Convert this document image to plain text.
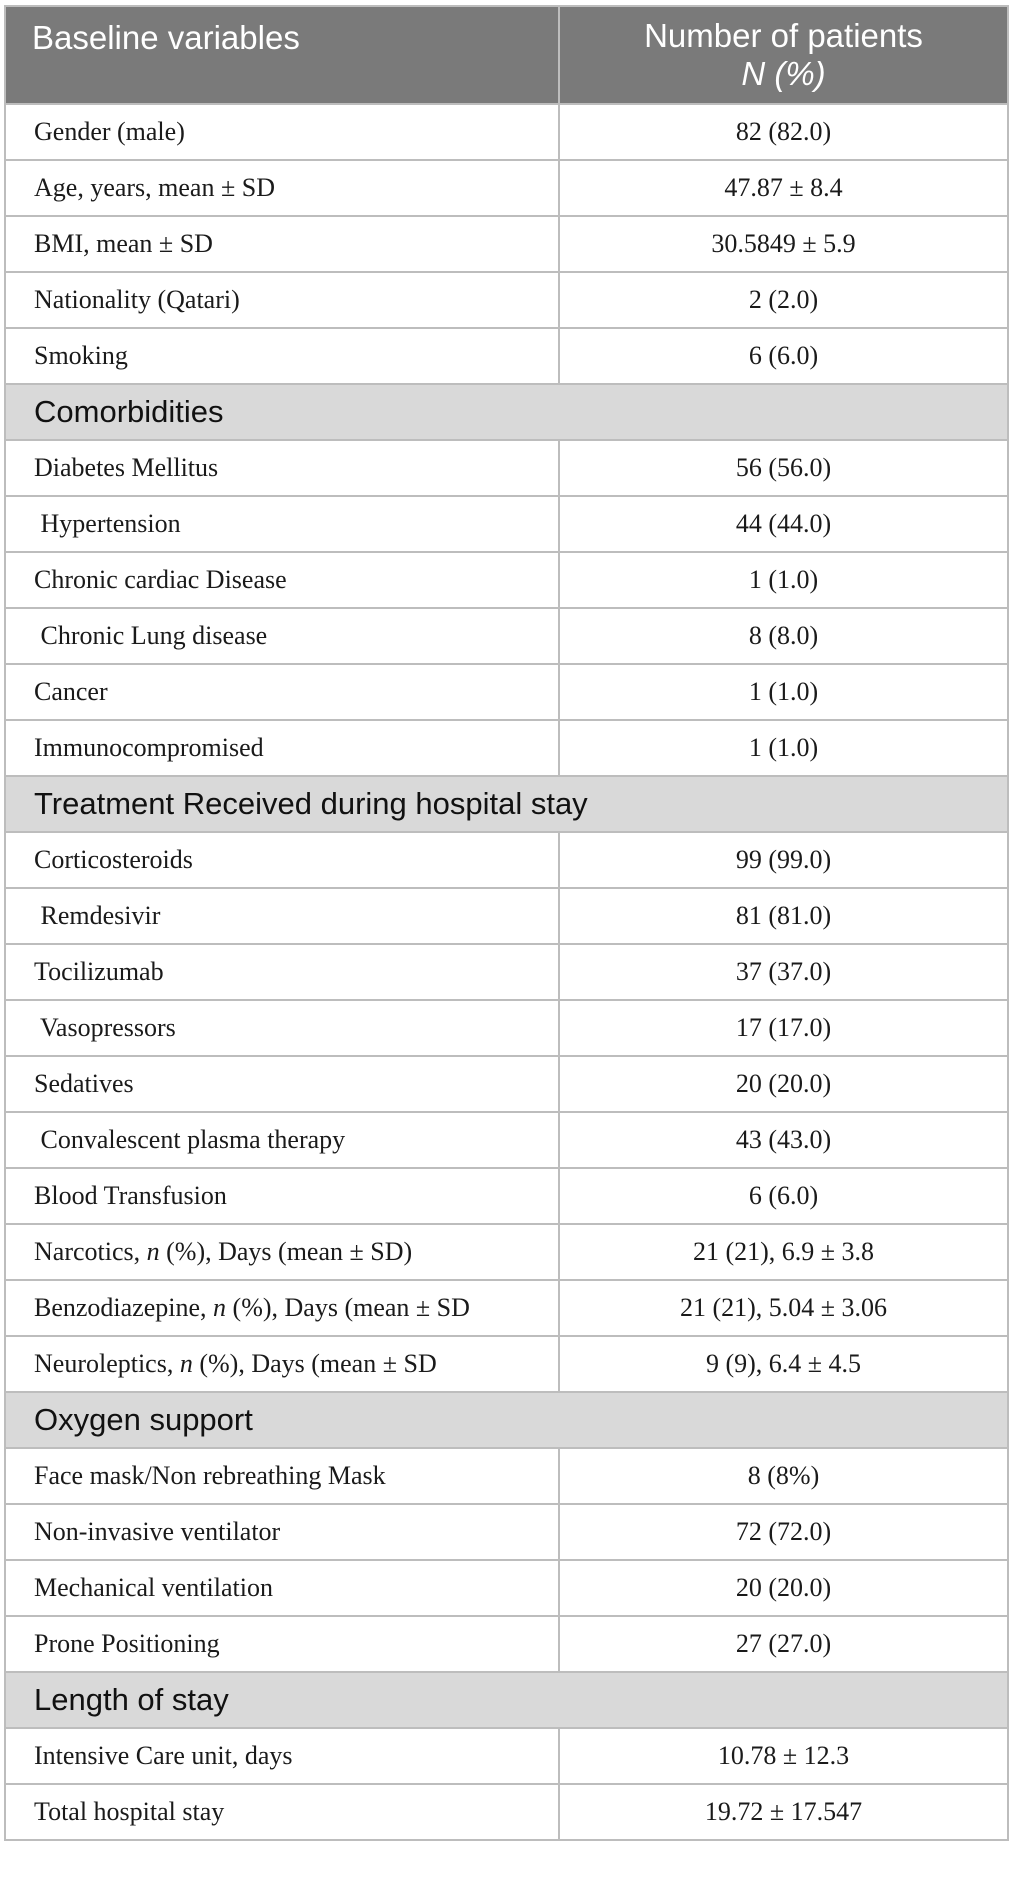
Baseline variables	Number of patients
N (%)

Gender (male)	82 (82.0)
Age, years, mean ± SD	47.87 ± 8.4
BMI, mean ± SD	30.5849 ± 5.9
Nationality (Qatari)	2 (2.0)
Smoking	6 (6.0)
Comorbidities	
Diabetes Mellitus	56 (56.0)
Hypertension	44 (44.0)
Chronic cardiac Disease	1 (1.0)
Chronic Lung disease	8 (8.0)
Cancer	1 (1.0)
Immunocompromised	1 (1.0)
Treatment Received during hospital stay	
Corticosteroids	99 (99.0)
Remdesivir	81 (81.0)
Tocilizumab	37 (37.0)
Vasopressors	17 (17.0)
Sedatives	20 (20.0)
Convalescent plasma therapy	43 (43.0)
Blood Transfusion	6 (6.0)
Narcotics, n (%), Days (mean ± SD)	21 (21), 6.9 ± 3.8
Benzodiazepine, n (%), Days (mean ± SD	21 (21), 5.04 ± 3.06
Neuroleptics, n (%), Days (mean ± SD	9 (9), 6.4 ± 4.5
Oxygen support	
Face mask/Non rebreathing Mask	8 (8%)
Non-invasive ventilator	72 (72.0)
Mechanical ventilation	20 (20.0)
Prone Positioning	27 (27.0)
Length of stay	
Intensive Care unit, days	10.78 ± 12.3
Total hospital stay	19.72 ± 17.547
